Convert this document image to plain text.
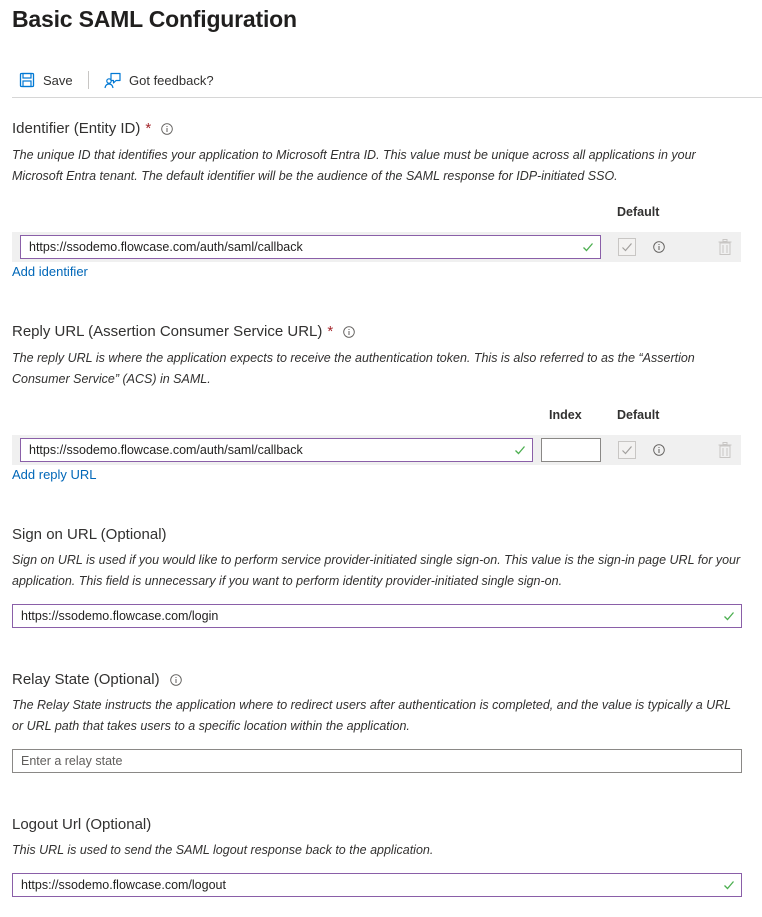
Basic SAML Configuration
Save	Got feedback?
Identifier (Entity ID) *
The unique ID that identifies your application to Microsoft Entra ID. This value must be unique across all applications in your Microsoft Entra tenant. The default identifier will be the audience of the SAML response for IDP-initiated SSO.
Default
https://ssodemo.flowcase.com/auth/saml/callback
Add identifier
Reply URL (Assertion Consumer Service URL) *
The reply URL is where the application expects to receive the authentication token. This is also referred to as the “Assertion Consumer Service” (ACS) in SAML.
Index	Default
https://ssodemo.flowcase.com/auth/saml/callback
Add reply URL
Sign on URL (Optional)
Sign on URL is used if you would like to perform service provider-initiated single sign-on. This value is the sign-in page URL for your application. This field is unnecessary if you want to perform identity provider-initiated single sign-on.
https://ssodemo.flowcase.com/login
Relay State (Optional)
The Relay State instructs the application where to redirect users after authentication is completed, and the value is typically a URL or URL path that takes users to a specific location within the application.
Enter a relay state
Logout Url (Optional)
This URL is used to send the SAML logout response back to the application.
https://ssodemo.flowcase.com/logout
